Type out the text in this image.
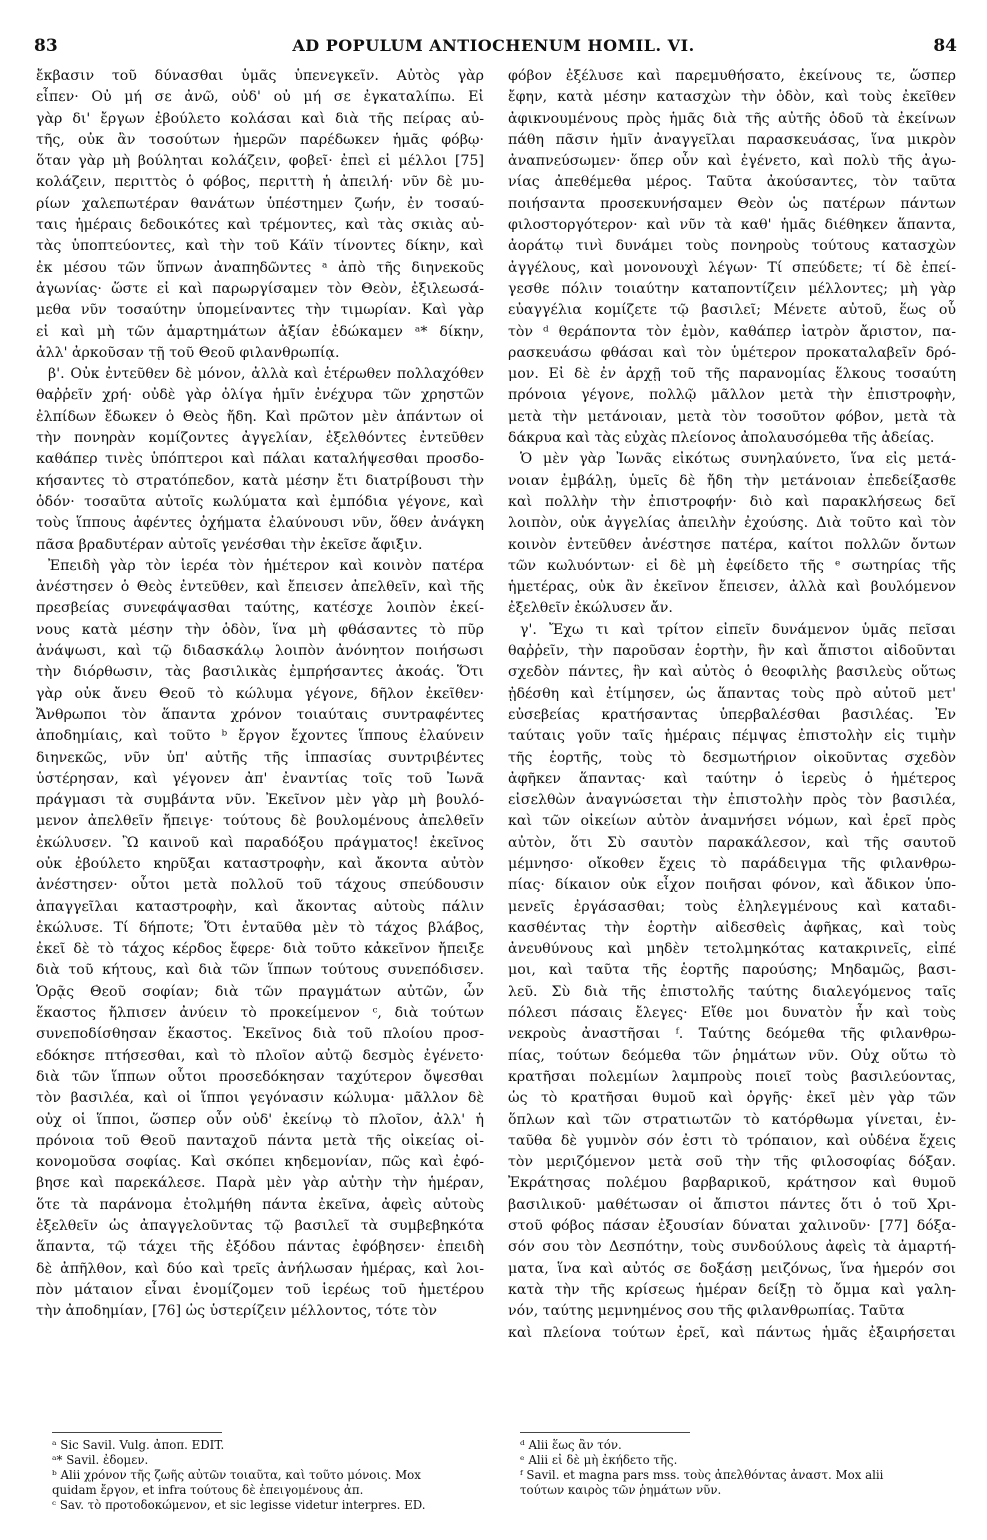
83	AD POPULUM ANTIOCHENUM HOMIL. VI.	84
ἔκβασιν τοῦ δύνασθαι ὑμᾶς ὑπενεγκεῖν. Αὐτὸς γὰρ
εἶπεν· Οὐ μή σε ἀνῶ, οὐδ' οὐ μή σε ἐγκαταλίπω. Εἰ
γὰρ δι' ἔργων ἐβούλετο κολάσαι καὶ διὰ τῆς πείρας αὐ-
τῆς, οὐκ ἂν τοσούτων ἡμερῶν παρέδωκεν ἡμᾶς φόβῳ·
ὅταν γὰρ μὴ βούληται κολάζειν, φοβεῖ· ἐπεὶ εἰ μέλλοι [75]
κολάζειν, περιττὸς ὁ φόβος, περιττὴ ἡ ἀπειλή· νῦν δὲ μυ-
ρίων χαλεπωτέραν θανάτων ὑπέστημεν ζωήν, ἐν τοσαύ-
ταις ἡμέραις δεδοικότες καὶ τρέμοντες, καὶ τὰς σκιὰς αὐ-
τὰς ὑποπτεύοντες, καὶ τὴν τοῦ Κάϊν τίνοντες δίκην, καὶ
ἐκ μέσου τῶν ὕπνων ἀναπηδῶντες ᵃ ἀπὸ τῆς διηνεκοῦς
ἀγωνίας· ὥστε εἰ καὶ παρωργίσαμεν τὸν Θεὸν, ἐξιλεωσά-
μεθα νῦν τοσαύτην ὑπομείναντες τὴν τιμωρίαν. Καὶ γὰρ
εἰ καὶ μὴ τῶν ἁμαρτημάτων ἀξίαν ἐδώκαμεν ᵃ* δίκην,
ἀλλ' ἀρκοῦσαν τῇ τοῦ Θεοῦ φιλανθρωπίᾳ.
β'. Οὐκ ἐντεῦθεν δὲ μόνον, ἀλλὰ καὶ ἑτέρωθεν πολλαχόθεν
θαῤῥεῖν χρή· οὐδὲ γὰρ ὀλίγα ἡμῖν ἐνέχυρα τῶν χρηστῶν
ἐλπίδων ἔδωκεν ὁ Θεὸς ἤδη. Καὶ πρῶτον μὲν ἁπάντων οἱ
τὴν πονηρὰν κομίζοντες ἀγγελίαν, ἐξελθόντες ἐντεῦθεν
καθάπερ τινὲς ὑπόπτεροι καὶ πάλαι καταλήψεσθαι προσδο-
κήσαντες τὸ στρατόπεδον, κατὰ μέσην ἔτι διατρίβουσι τὴν
ὁδόν· τοσαῦτα αὐτοῖς κωλύματα καὶ ἐμπόδια γέγονε, καὶ
τοὺς ἵππους ἀφέντες ὀχήματα ἐλαύνουσι νῦν, ὅθεν ἀνάγκη
πᾶσα βραδυτέραν αὐτοῖς γενέσθαι τὴν ἐκεῖσε ἄφιξιν.
Ἐπειδὴ γὰρ τὸν ἱερέα τὸν ἡμέτερον καὶ κοινὸν πατέρα
ἀνέστησεν ὁ Θεὸς ἐντεῦθεν, καὶ ἔπεισεν ἀπελθεῖν, καὶ τῆς
πρεσβείας συνεφάψασθαι ταύτης, κατέσχε λοιπὸν ἐκεί-
νους κατὰ μέσην τὴν ὁδὸν, ἵνα μὴ φθάσαντες τὸ πῦρ
ἀνάψωσι, καὶ τῷ διδασκάλῳ λοιπὸν ἀνόνητον ποιήσωσι
τὴν διόρθωσιν, τὰς βασιλικὰς ἐμπρήσαντες ἀκοάς. Ὅτι
γὰρ οὐκ ἄνευ Θεοῦ τὸ κώλυμα γέγονε, δῆλον ἐκεῖθεν·
Ἄνθρωποι τὸν ἅπαντα χρόνον τοιαύταις συντραφέντες
ἀποδημίαις, καὶ τοῦτο ᵇ ἔργον ἔχοντες ἵππους ἐλαύνειν
διηνεκῶς, νῦν ὑπ' αὐτῆς τῆς ἱππασίας συντριβέντες
ὑστέρησαν, καὶ γέγονεν ἀπ' ἐναντίας τοῖς τοῦ Ἰωνᾶ
πράγμασι τὰ συμβάντα νῦν. Ἐκεῖνον μὲν γὰρ μὴ βουλό-
μενον ἀπελθεῖν ἤπειγε· τούτους δὲ βουλομένους ἀπελθεῖν
ἐκώλυσεν. Ὢ καινοῦ καὶ παραδόξου πράγματος! ἐκεῖνος
οὐκ ἐβούλετο κηρῦξαι καταστροφὴν, καὶ ἄκοντα αὐτὸν
ἀνέστησεν· οὗτοι μετὰ πολλοῦ τοῦ τάχους σπεύδουσιν
ἀπαγγεῖλαι καταστροφὴν, καὶ ἄκοντας αὐτοὺς πάλιν
ἐκώλυσε. Τί δήποτε; Ὅτι ἐνταῦθα μὲν τὸ τάχος βλάβος,
ἐκεῖ δὲ τὸ τάχος κέρδος ἔφερε· διὰ τοῦτο κἀκεῖνον ἤπειξε
διὰ τοῦ κήτους, καὶ διὰ τῶν ἵππων τούτους συνεπόδισεν.
Ὁρᾷς Θεοῦ σοφίαν; διὰ τῶν πραγμάτων αὐτῶν, ὧν
ἕκαστος ἤλπισεν ἀνύειν τὸ προκείμενον ᶜ, διὰ τούτων
συνεποδίσθησαν ἕκαστος. Ἐκεῖνος διὰ τοῦ πλοίου προσ-
εδόκησε πτήσεσθαι, καὶ τὸ πλοῖον αὐτῷ δεσμὸς ἐγένετο·
διὰ τῶν ἵππων οὗτοι προσεδόκησαν ταχύτερον ὄψεσθαι
τὸν βασιλέα, καὶ οἱ ἵπποι γεγόνασιν κώλυμα· μᾶλλον δὲ
οὐχ οἱ ἵπποι, ὥσπερ οὖν οὐδ' ἐκείνῳ τὸ πλοῖον, ἀλλ' ἡ
πρόνοια τοῦ Θεοῦ πανταχοῦ πάντα μετὰ τῆς οἰκείας οἰ-
κονομοῦσα σοφίας. Καὶ σκόπει κηδεμονίαν, πῶς καὶ ἐφό-
βησε καὶ παρεκάλεσε. Παρὰ μὲν γὰρ αὐτὴν τὴν ἡμέραν,
ὅτε τὰ παράνομα ἐτολμήθη πάντα ἐκεῖνα, ἀφεὶς αὐτοὺς
ἐξελθεῖν ὡς ἀπαγγελοῦντας τῷ βασιλεῖ τὰ συμβεβηκότα
ἅπαντα, τῷ τάχει τῆς ἐξόδου πάντας ἐφόβησεν· ἐπειδὴ
δὲ ἀπῆλθον, καὶ δύο καὶ τρεῖς ἀνήλωσαν ἡμέρας, καὶ λοι-
πὸν μάταιον εἶναι ἐνομίζομεν τοῦ ἱερέως τοῦ ἡμετέρου
τὴν ἀποδημίαν, [76] ὡς ὑστερίζειν μέλλοντος, τότε τὸν
φόβον ἐξέλυσε καὶ παρεμυθήσατο, ἐκείνους τε, ὥσπερ
ἔφην, κατὰ μέσην κατασχὼν τὴν ὁδὸν, καὶ τοὺς ἐκεῖθεν
ἀφικνουμένους πρὸς ἡμᾶς διὰ τῆς αὐτῆς ὁδοῦ τὰ ἐκείνων
πάθη πᾶσιν ἡμῖν ἀναγγεῖλαι παρασκευάσας, ἵνα μικρὸν
ἀναπνεύσωμεν· ὅπερ οὖν καὶ ἐγένετο, καὶ πολὺ τῆς ἀγω-
νίας ἀπεθέμεθα μέρος. Ταῦτα ἀκούσαντες, τὸν ταῦτα
ποιήσαντα προσεκυνήσαμεν Θεὸν ὡς πατέρων πάντων
φιλοστοργότερον· καὶ νῦν τὰ καθ' ἡμᾶς διέθηκεν ἅπαντα,
ἀοράτῳ τινὶ δυνάμει τοὺς πονηροὺς τούτους κατασχὼν
ἀγγέλους, καὶ μονονουχὶ λέγων· Τί σπεύδετε; τί δὲ ἐπεί-
γεσθε πόλιν τοιαύτην καταποντίζειν μέλλοντες; μὴ γὰρ
εὐαγγέλια κομίζετε τῷ βασιλεῖ; Μένετε αὐτοῦ, ἕως οὗ
τὸν ᵈ θεράποντα τὸν ἐμὸν, καθάπερ ἰατρὸν ἄριστον, πα-
ρασκευάσω φθάσαι καὶ τὸν ὑμέτερον προκαταλαβεῖν δρό-
μον. Εἰ δὲ ἐν ἀρχῇ τοῦ τῆς παρανομίας ἕλκους τοσαύτη
πρόνοια γέγονε, πολλῷ μᾶλλον μετὰ τὴν ἐπιστροφὴν,
μετὰ τὴν μετάνοιαν, μετὰ τὸν τοσοῦτον φόβον, μετὰ τὰ
δάκρυα καὶ τὰς εὐχὰς πλείονος ἀπολαυσόμεθα τῆς ἀδείας.
Ὁ μὲν γὰρ Ἰωνᾶς εἰκότως συνηλαύνετο, ἵνα εἰς μετά-
νοιαν ἐμβάλῃ, ὑμεῖς δὲ ἤδη τὴν μετάνοιαν ἐπεδείξασθε
καὶ πολλὴν τὴν ἐπιστροφήν· διὸ καὶ παρακλήσεως δεῖ
λοιπὸν, οὐκ ἀγγελίας ἀπειλὴν ἐχούσης. Διὰ τοῦτο καὶ τὸν
κοινὸν ἐντεῦθεν ἀνέστησε πατέρα, καίτοι πολλῶν ὄντων
τῶν κωλυόντων· εἰ δὲ μὴ ἐφείδετο τῆς ᵉ σωτηρίας τῆς
ἡμετέρας, οὐκ ἂν ἐκεῖνον ἔπεισεν, ἀλλὰ καὶ βουλόμενον
ἐξελθεῖν ἐκώλυσεν ἄν.
γ'. Ἔχω τι καὶ τρίτον εἰπεῖν δυνάμενον ὑμᾶς πεῖσαι
θαῤῥεῖν, τὴν παροῦσαν ἑορτὴν, ἣν καὶ ἄπιστοι αἰδοῦνται
σχεδὸν πάντες, ἣν καὶ αὐτὸς ὁ θεοφιλὴς βασιλεὺς οὕτως
ᾐδέσθη καὶ ἐτίμησεν, ὡς ἅπαντας τοὺς πρὸ αὐτοῦ μετ'
εὐσεβείας κρατήσαντας ὑπερβαλέσθαι βασιλέας. Ἐν
ταύταις γοῦν ταῖς ἡμέραις πέμψας ἐπιστολὴν εἰς τιμὴν
τῆς ἑορτῆς, τοὺς τὸ δεσμωτήριον οἰκοῦντας σχεδὸν
ἀφῆκεν ἅπαντας· καὶ ταύτην ὁ ἱερεὺς ὁ ἡμέτερος
εἰσελθὼν ἀναγνώσεται τὴν ἐπιστολὴν πρὸς τὸν βασιλέα,
καὶ τῶν οἰκείων αὐτὸν ἀναμνήσει νόμων, καὶ ἐρεῖ πρὸς
αὐτὸν, ὅτι Σὺ σαυτὸν παρακάλεσον, καὶ τῆς σαυτοῦ
μέμνησο· οἴκοθεν ἔχεις τὸ παράδειγμα τῆς φιλανθρω-
πίας· δίκαιον οὐκ εἶχον ποιῆσαι φόνον, καὶ ἄδικον ὑπο-
μενεῖς ἐργάσασθαι; τοὺς ἐληλεγμένους καὶ καταδι-
κασθέντας τὴν ἑορτὴν αἰδεσθεὶς ἀφῆκας, καὶ τοὺς
ἀνευθύνους καὶ μηδὲν τετολμηκότας κατακρινεῖς, εἰπέ
μοι, καὶ ταῦτα τῆς ἑορτῆς παρούσης; Μηδαμῶς, βασι-
λεῦ. Σὺ διὰ τῆς ἐπιστολῆς ταύτης διαλεγόμενος ταῖς
πόλεσι πάσαις ἔλεγες· Εἴθε μοι δυνατὸν ἦν καὶ τοὺς
νεκροὺς ἀναστῆσαι ᶠ. Ταύτης δεόμεθα τῆς φιλανθρω-
πίας, τούτων δεόμεθα τῶν ῥημάτων νῦν. Οὐχ οὕτω τὸ
κρατῆσαι πολεμίων λαμπροὺς ποιεῖ τοὺς βασιλεύοντας,
ὡς τὸ κρατῆσαι θυμοῦ καὶ ὀργῆς· ἐκεῖ μὲν γὰρ τῶν
ὅπλων καὶ τῶν στρατιωτῶν τὸ κατόρθωμα γίνεται, ἐν-
ταῦθα δὲ γυμνὸν σόν ἐστι τὸ τρόπαιον, καὶ οὐδένα ἔχεις
τὸν μεριζόμενον μετὰ σοῦ τὴν τῆς φιλοσοφίας δόξαν.
Ἐκράτησας πολέμου βαρβαρικοῦ, κράτησον καὶ θυμοῦ
βασιλικοῦ· μαθέτωσαν οἱ ἄπιστοι πάντες ὅτι ὁ τοῦ Χρι-
στοῦ φόβος πάσαν ἐξουσίαν δύναται χαλινοῦν· [77] δόξα-
σόν σου τὸν Δεσπότην, τοὺς συνδούλους ἀφεὶς τὰ ἁμαρτή-
ματα, ἵνα καὶ αὐτός σε δοξάσῃ μειζόνως, ἵνα ἡμερόν σοι
κατὰ τὴν τῆς κρίσεως ἡμέραν δείξῃ τὸ ὄμμα καὶ γαλη-
νόν, ταύτης μεμνημένος σου τῆς φιλανθρωπίας. Ταῦτα
καὶ πλείονα τούτων ἐρεῖ, καὶ πάντως ἡμᾶς ἐξαιρήσεται
ᵃ Sic Savil. Vulg. ἀποπ. EDIT.
ᵃ* Savil. ἐδομεν.
ᵇ Alii χρόνον τῆς ζωῆς αὐτῶν τοιαῦτα, καὶ τοῦτο μόνοις. Mox
quidam ἔργον, et infra τούτους δὲ ἐπειγομένους ἀπ.
ᶜ Sav. τὸ προτοδοκώμενον, et sic legisse videtur interpres. ED.
ᵈ Alii ἕως ἂν τόν.
ᵉ Alii εἰ δὲ μὴ ἐκήδετο τῆς.
ᶠ Savil. et magna pars mss. τοὺς ἀπελθόντας ἀναστ. Mox alii
τούτων καιρὸς τῶν ῥημάτων νῦν.
